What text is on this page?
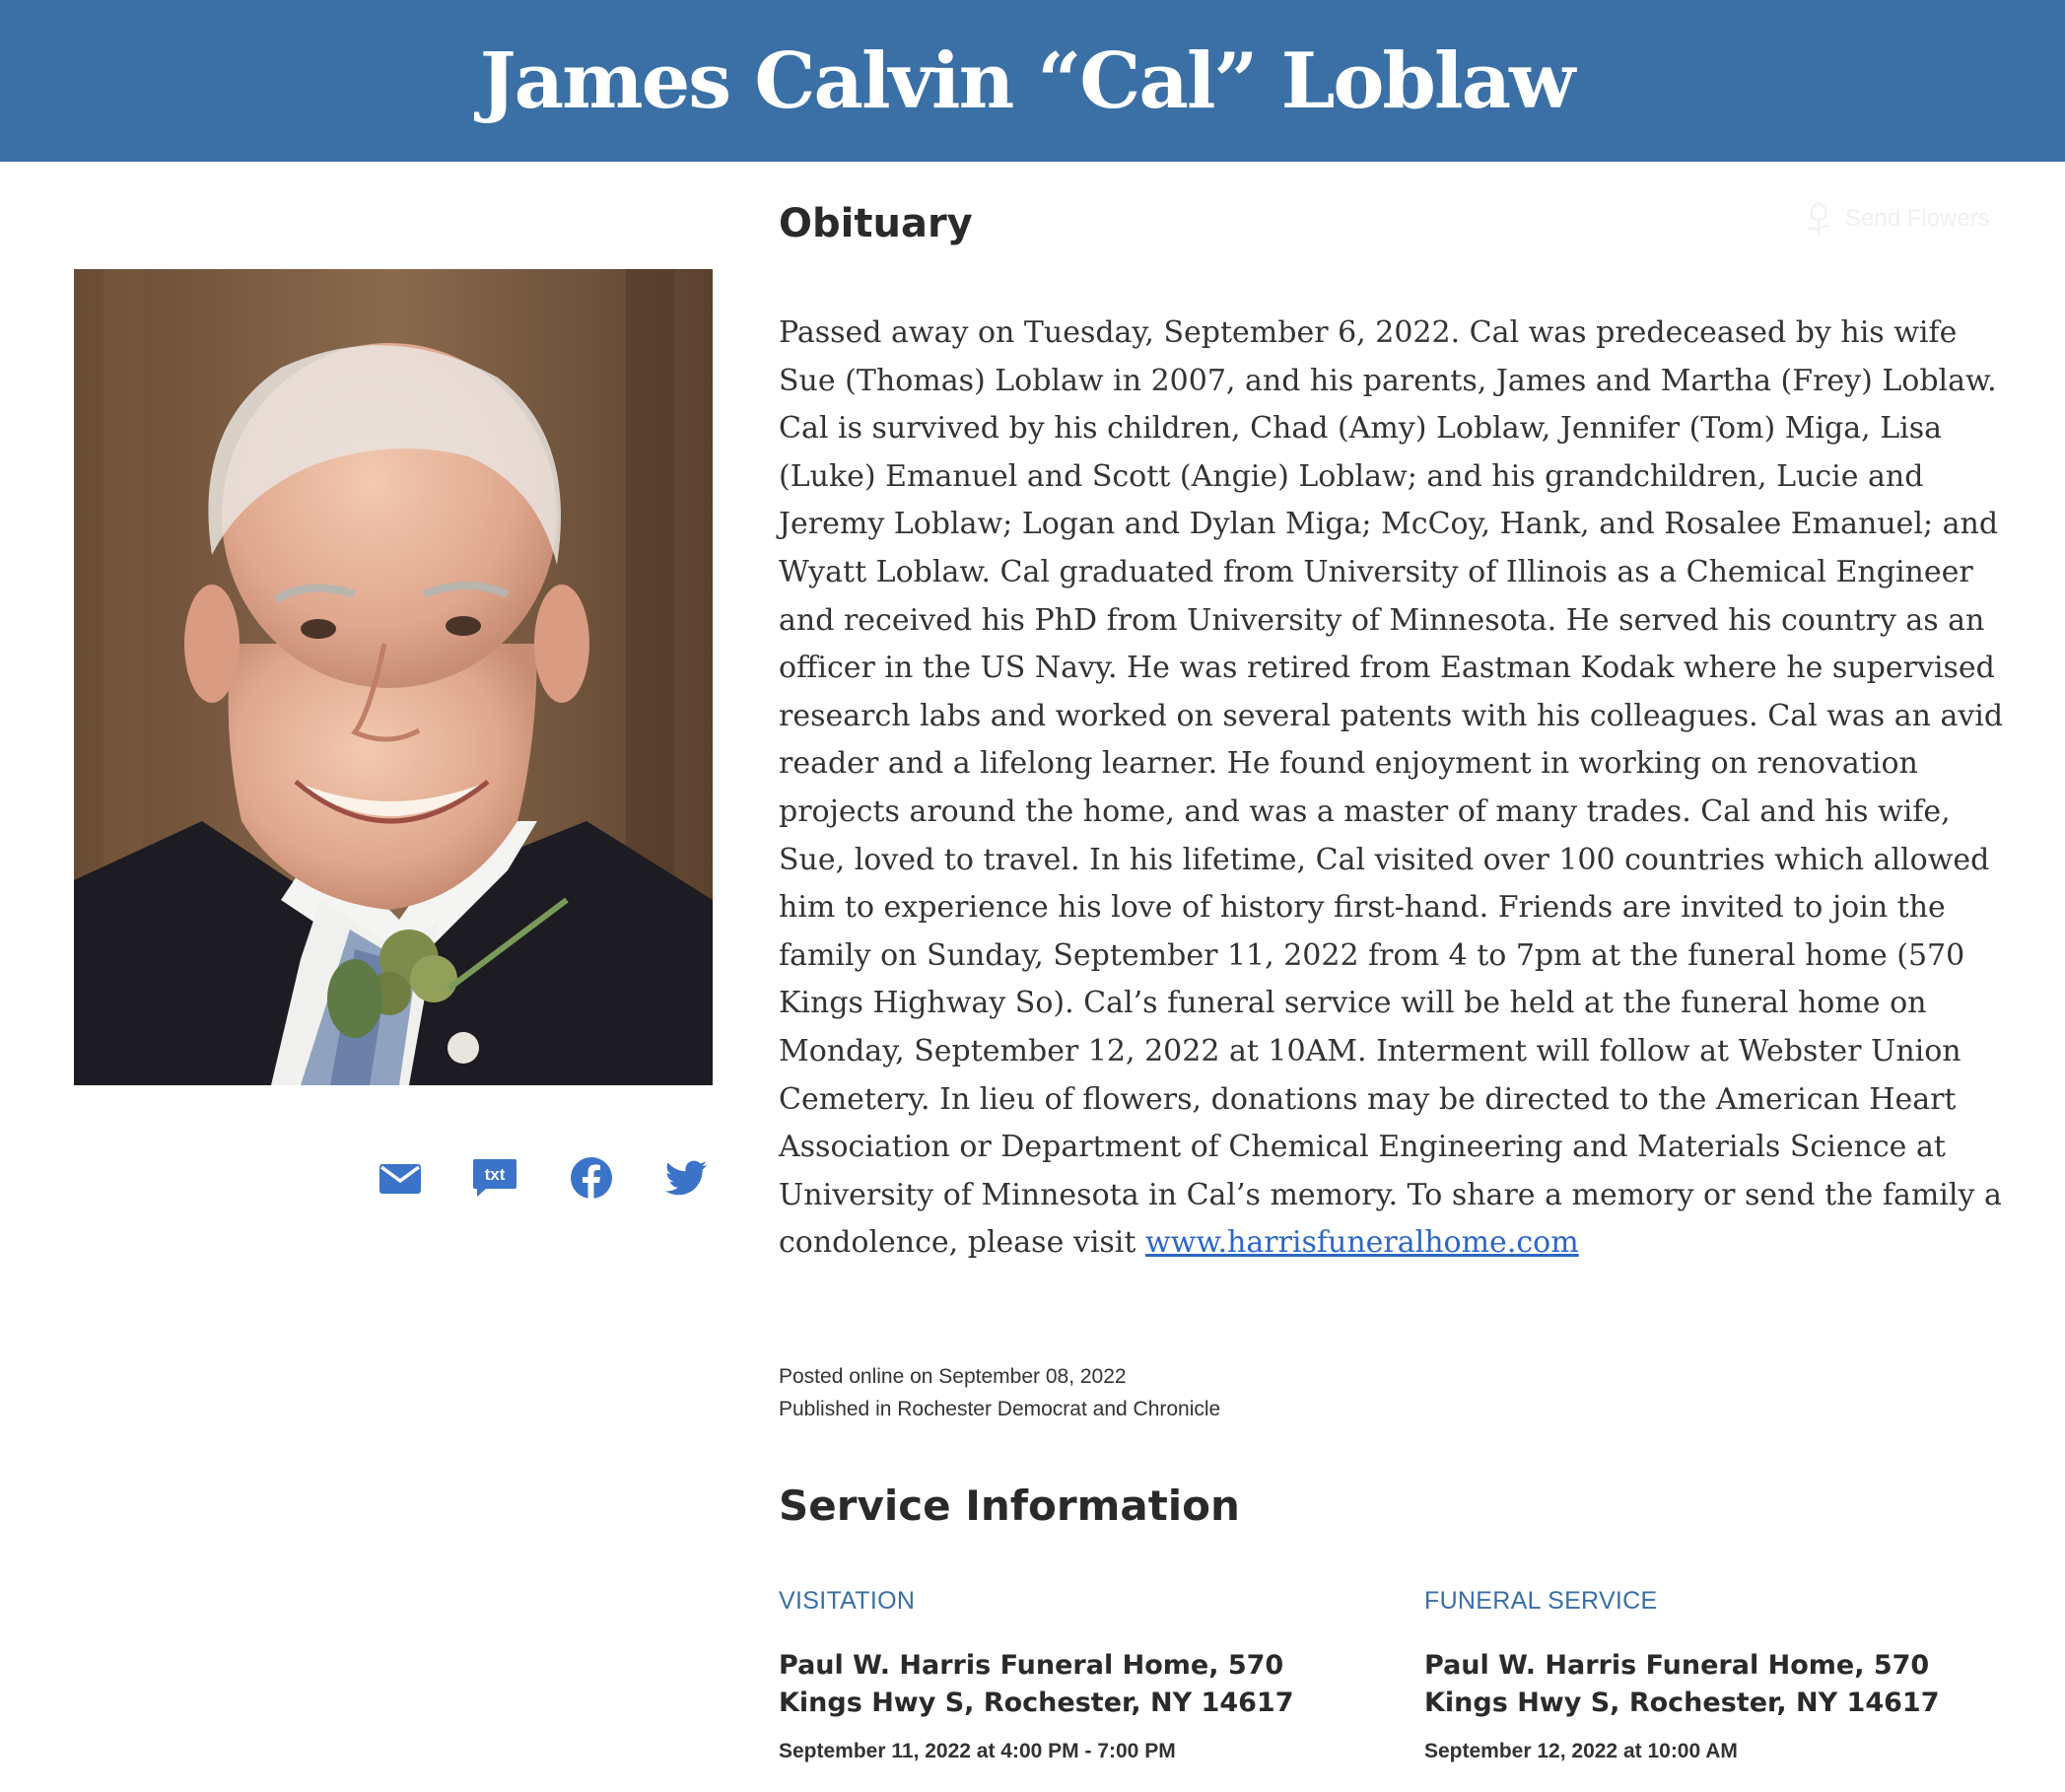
James Calvin “Cal” Loblaw
txt
Obituary	Send Flowers

Passed away on Tuesday, September 6, 2022. Cal was predeceased by his wife Sue (Thomas) Loblaw in 2007, and his parents, James and Martha (Frey) Loblaw. Cal is survived by his children, Chad (Amy) Loblaw, Jennifer (Tom) Miga, Lisa (Luke) Emanuel and Scott (Angie) Loblaw; and his grandchildren, Lucie and Jeremy Loblaw; Logan and Dylan Miga; McCoy, Hank, and Rosalee Emanuel; and Wyatt Loblaw. Cal graduated from University of Illinois as a Chemical Engineer and received his PhD from University of Minnesota. He served his country as an officer in the US Navy. He was retired from Eastman Kodak where he supervised research labs and worked on several patents with his colleagues. Cal was an avid reader and a lifelong learner. He found enjoyment in working on renovation projects around the home, and was a master of many trades. Cal and his wife, Sue, loved to travel. In his lifetime, Cal visited over 100 countries which allowed him to experience his love of history first-hand. Friends are invited to join the family on Sunday, September 11, 2022 from 4 to 7pm at the funeral home (570 Kings Highway So). Cal’s funeral service will be held at the funeral home on Monday, September 12, 2022 at 10AM. Interment will follow at Webster Union Cemetery. In lieu of flowers, donations may be directed to the American Heart Association or Department of Chemical Engineering and Materials Science at University of Minnesota in Cal’s memory. To share a memory or send the family a condolence, please visit www.harrisfuneralhome.com

Posted online on September 08, 2022
Published in Rochester Democrat and Chronicle
Service Information
VISITATION
Paul W. Harris Funeral Home, 570 Kings Hwy S, Rochester, NY 14617
September 11, 2022 at 4:00 PM - 7:00 PM
FUNERAL SERVICE
Paul W. Harris Funeral Home, 570 Kings Hwy S, Rochester, NY 14617
September 12, 2022 at 10:00 AM
